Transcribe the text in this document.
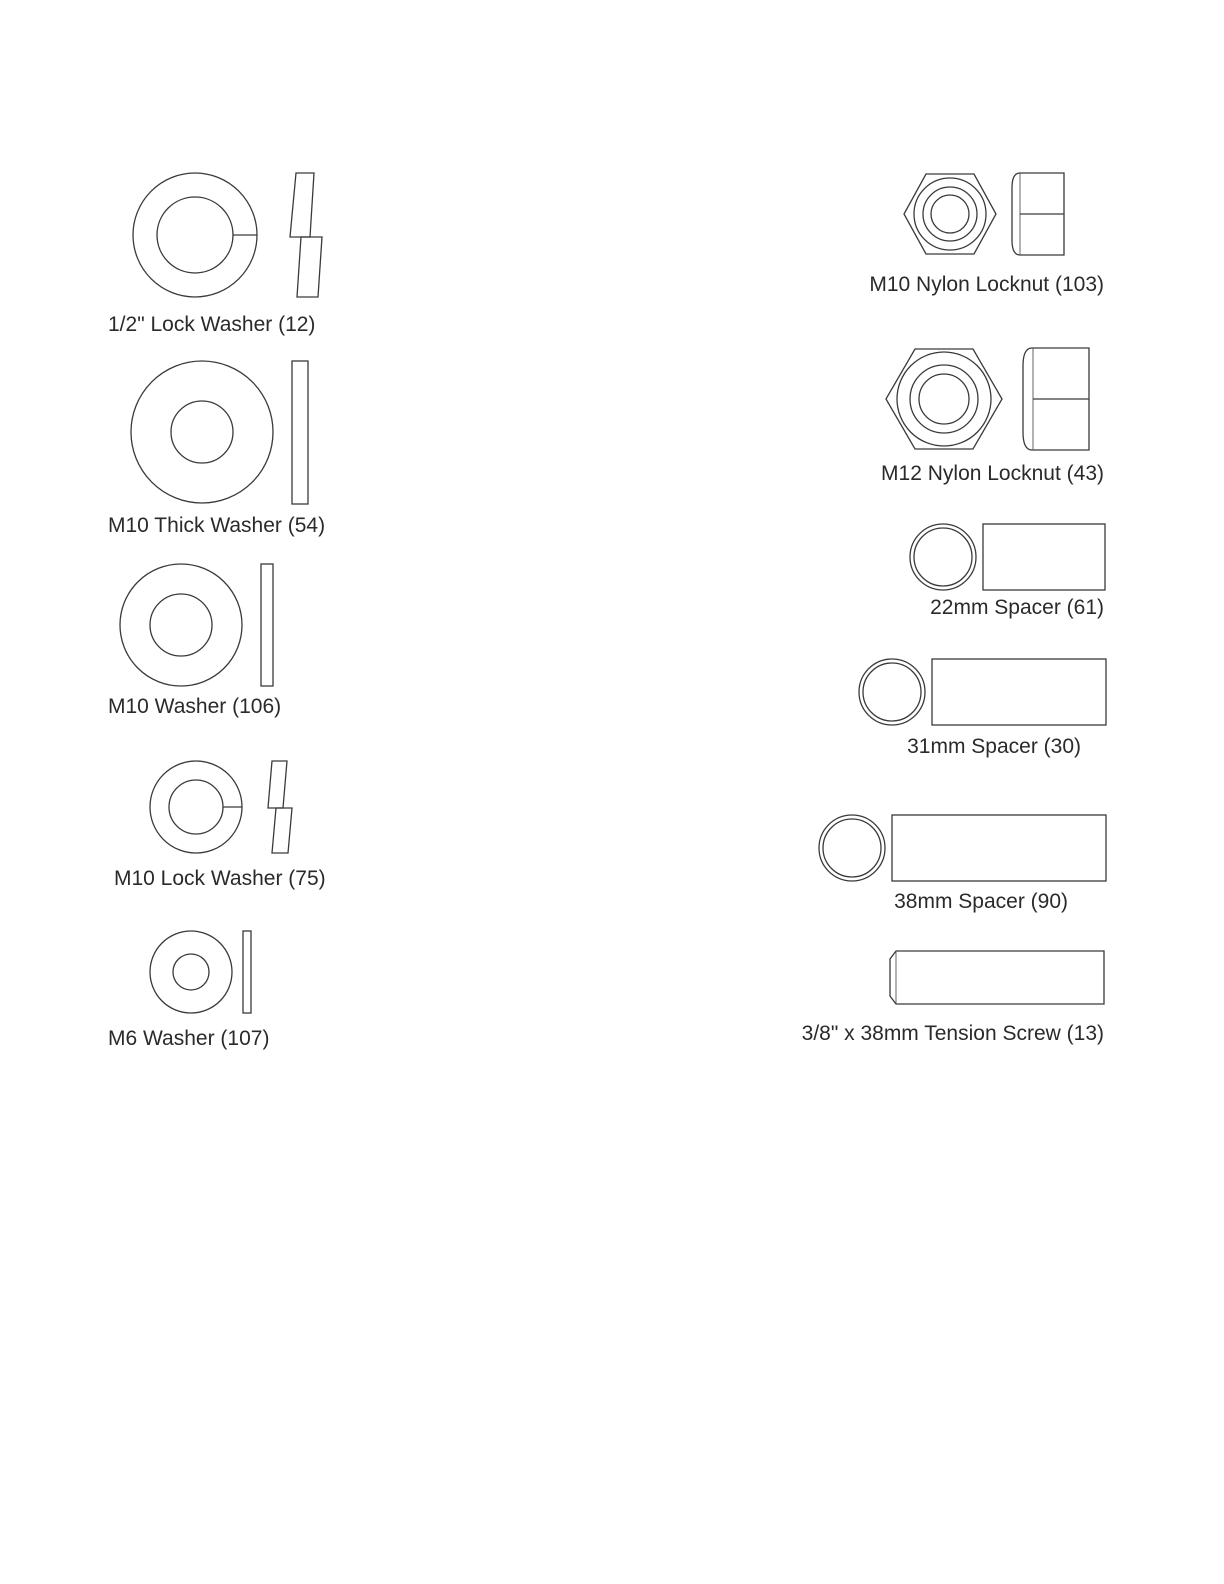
1/2" Lock Washer (12)
M10 Thick Washer (54)
M10 Washer (106)
M10 Lock Washer (75)
M6 Washer (107)
M10 Nylon Locknut (103)
M12 Nylon Locknut (43)
22mm Spacer (61)
31mm Spacer (30)
38mm Spacer (90)
3/8" x 38mm Tension Screw (13)
